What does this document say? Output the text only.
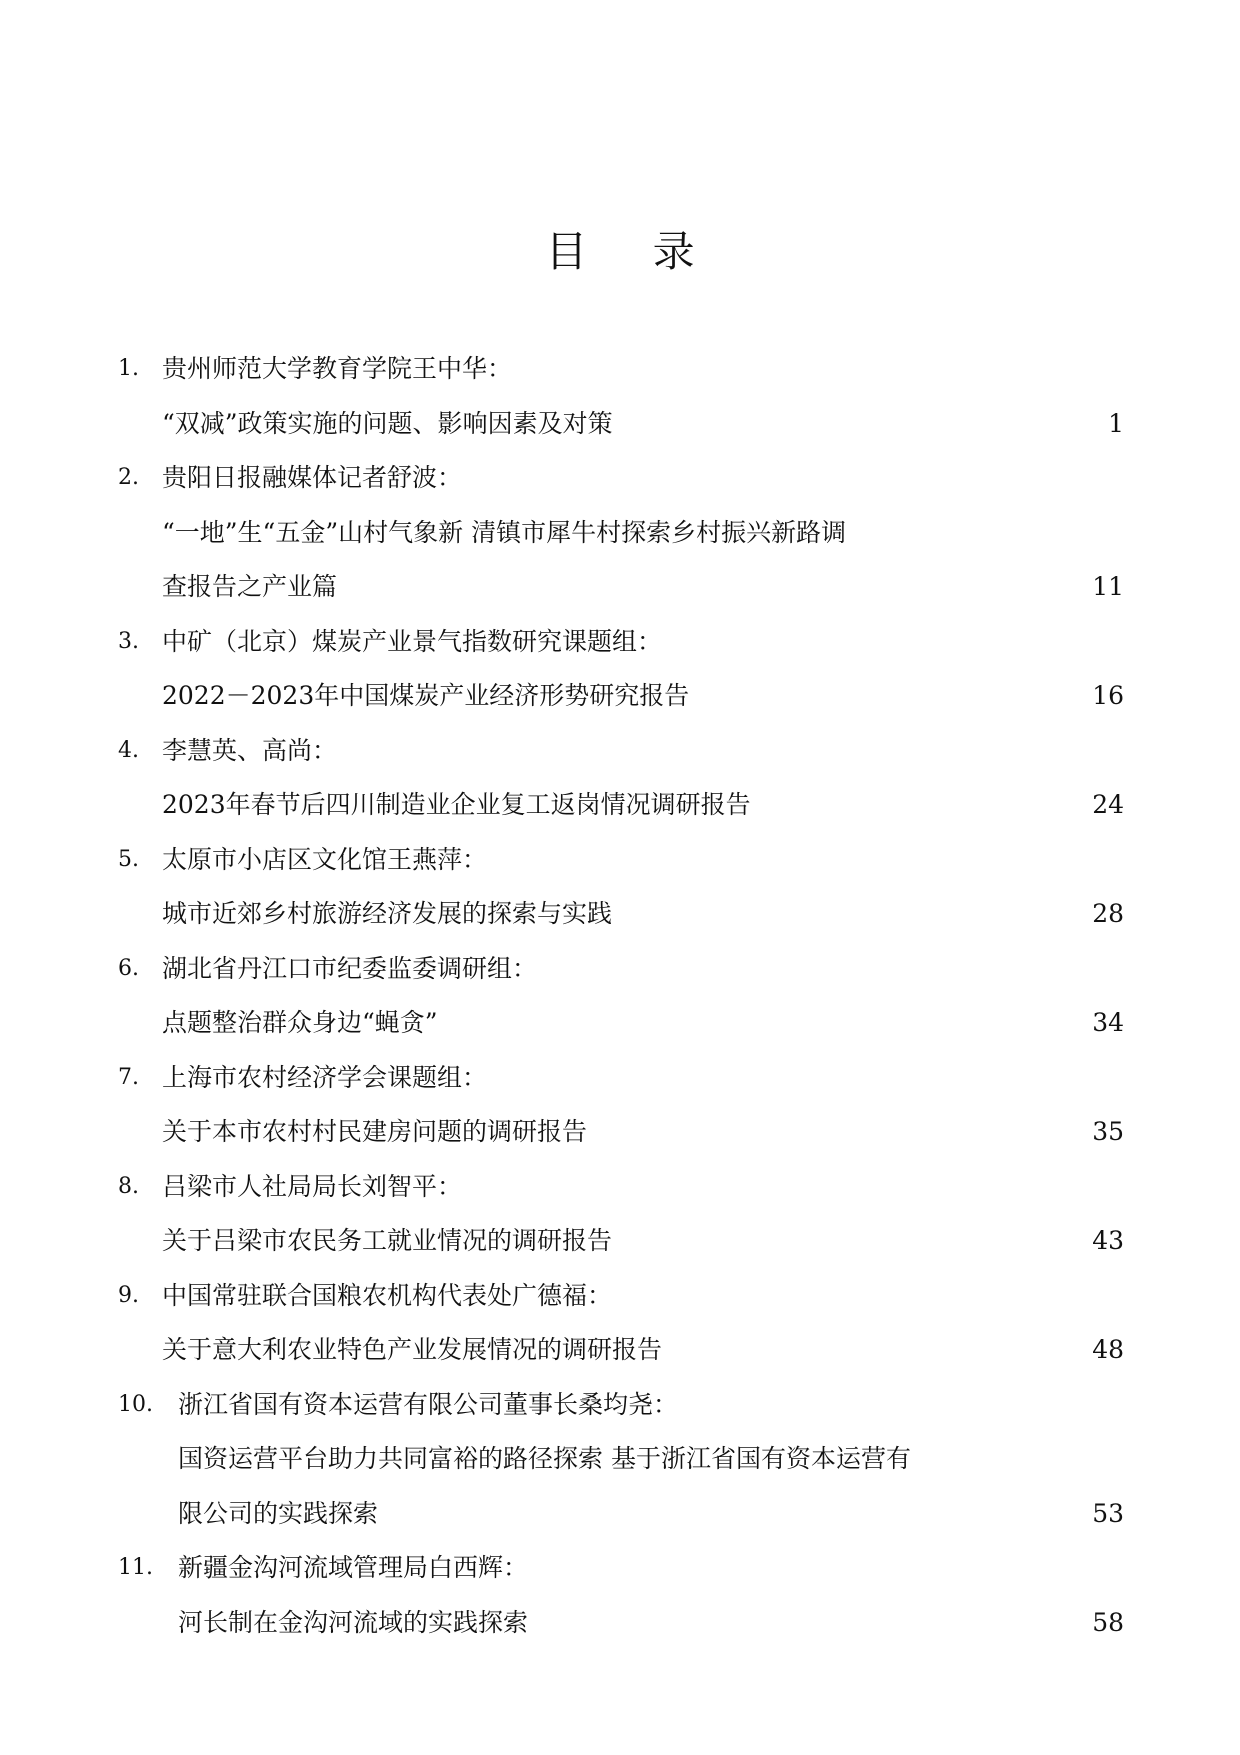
目 录
1. 贵州师范大学教育学院王中华：
“双减”政策实施的问题、影响因素及对策	1
2. 贵阳日报融媒体记者舒波：
“一地”生“五金”山村气象新 清镇市犀牛村探索乡村振兴新路调
查报告之产业篇	11
3. 中矿（北京）煤炭产业景气指数研究课题组：
2022－2023年中国煤炭产业经济形势研究报告	16
4. 李慧英、高尚：
2023年春节后四川制造业企业复工返岗情况调研报告	24
5. 太原市小店区文化馆王燕萍：
城市近郊乡村旅游经济发展的探索与实践	28
6. 湖北省丹江口市纪委监委调研组：
点题整治群众身边“蝇贪”	34
7. 上海市农村经济学会课题组：
关于本市农村村民建房问题的调研报告	35
8. 吕梁市人社局局长刘智平：
关于吕梁市农民务工就业情况的调研报告	43
9. 中国常驻联合国粮农机构代表处广德福：
关于意大利农业特色产业发展情况的调研报告	48
10. 浙江省国有资本运营有限公司董事长桑均尧：
国资运营平台助力共同富裕的路径探索 基于浙江省国有资本运营有
限公司的实践探索	53
11. 新疆金沟河流域管理局白西辉：
河长制在金沟河流域的实践探索	58
